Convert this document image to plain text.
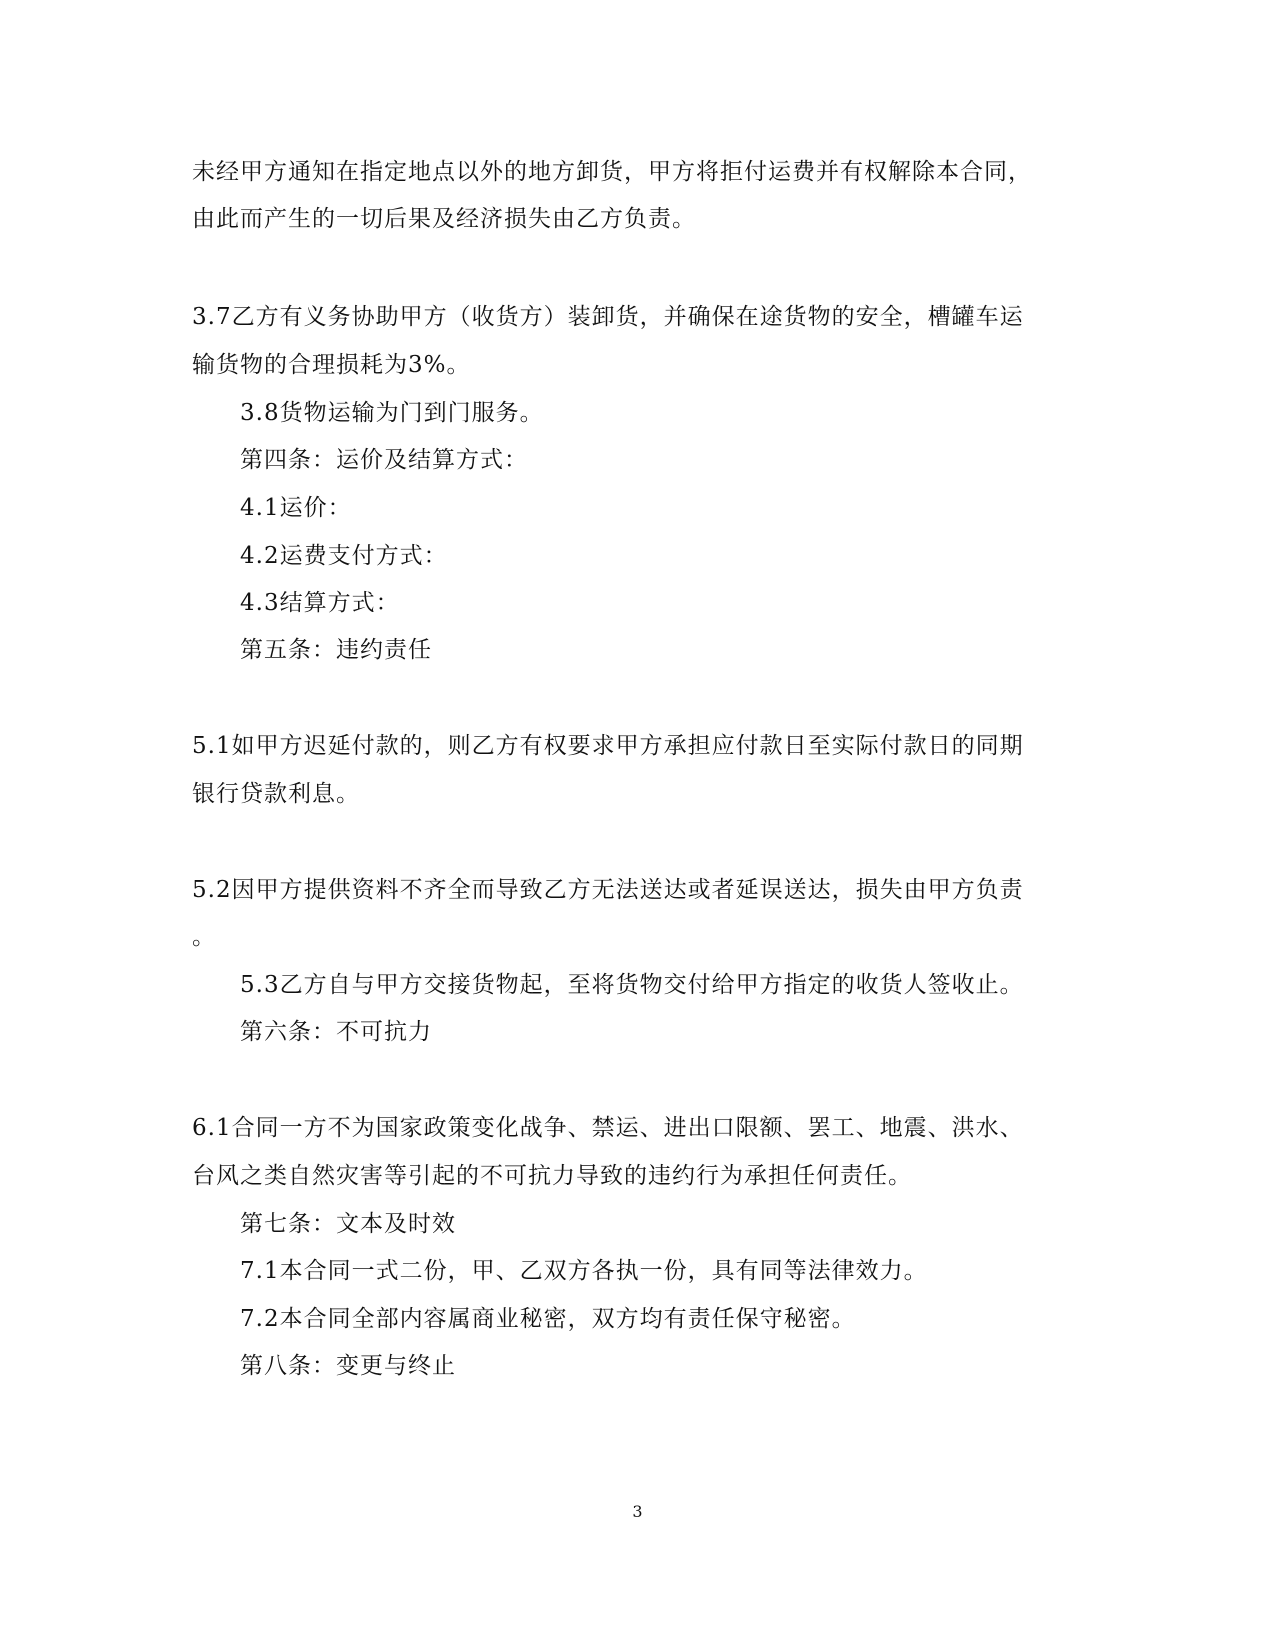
未经甲方通知在指定地点以外的地方卸货，甲方将拒付运费并有权解除本合同，
由此而产生的一切后果及经济损失由乙方负责。
3.7乙方有义务协助甲方（收货方）装卸货，并确保在途货物的安全，槽罐车运
输货物的合理损耗为3%。
3.8货物运输为门到门服务。
第四条：运价及结算方式：
4.1运价：
4.2运费支付方式：
4.3结算方式：
第五条：违约责任
5.1如甲方迟延付款的，则乙方有权要求甲方承担应付款日至实际付款日的同期
银行贷款利息。
5.2因甲方提供资料不齐全而导致乙方无法送达或者延误送达，损失由甲方负责
。
5.3乙方自与甲方交接货物起，至将货物交付给甲方指定的收货人签收止。
第六条：不可抗力
6.1合同一方不为国家政策变化战争、禁运、进出口限额、罢工、地震、洪水、
台风之类自然灾害等引起的不可抗力导致的违约行为承担任何责任。
第七条：文本及时效
7.1本合同一式二份，甲、乙双方各执一份，具有同等法律效力。
7.2本合同全部内容属商业秘密，双方均有责任保守秘密。
第八条：变更与终止
3
